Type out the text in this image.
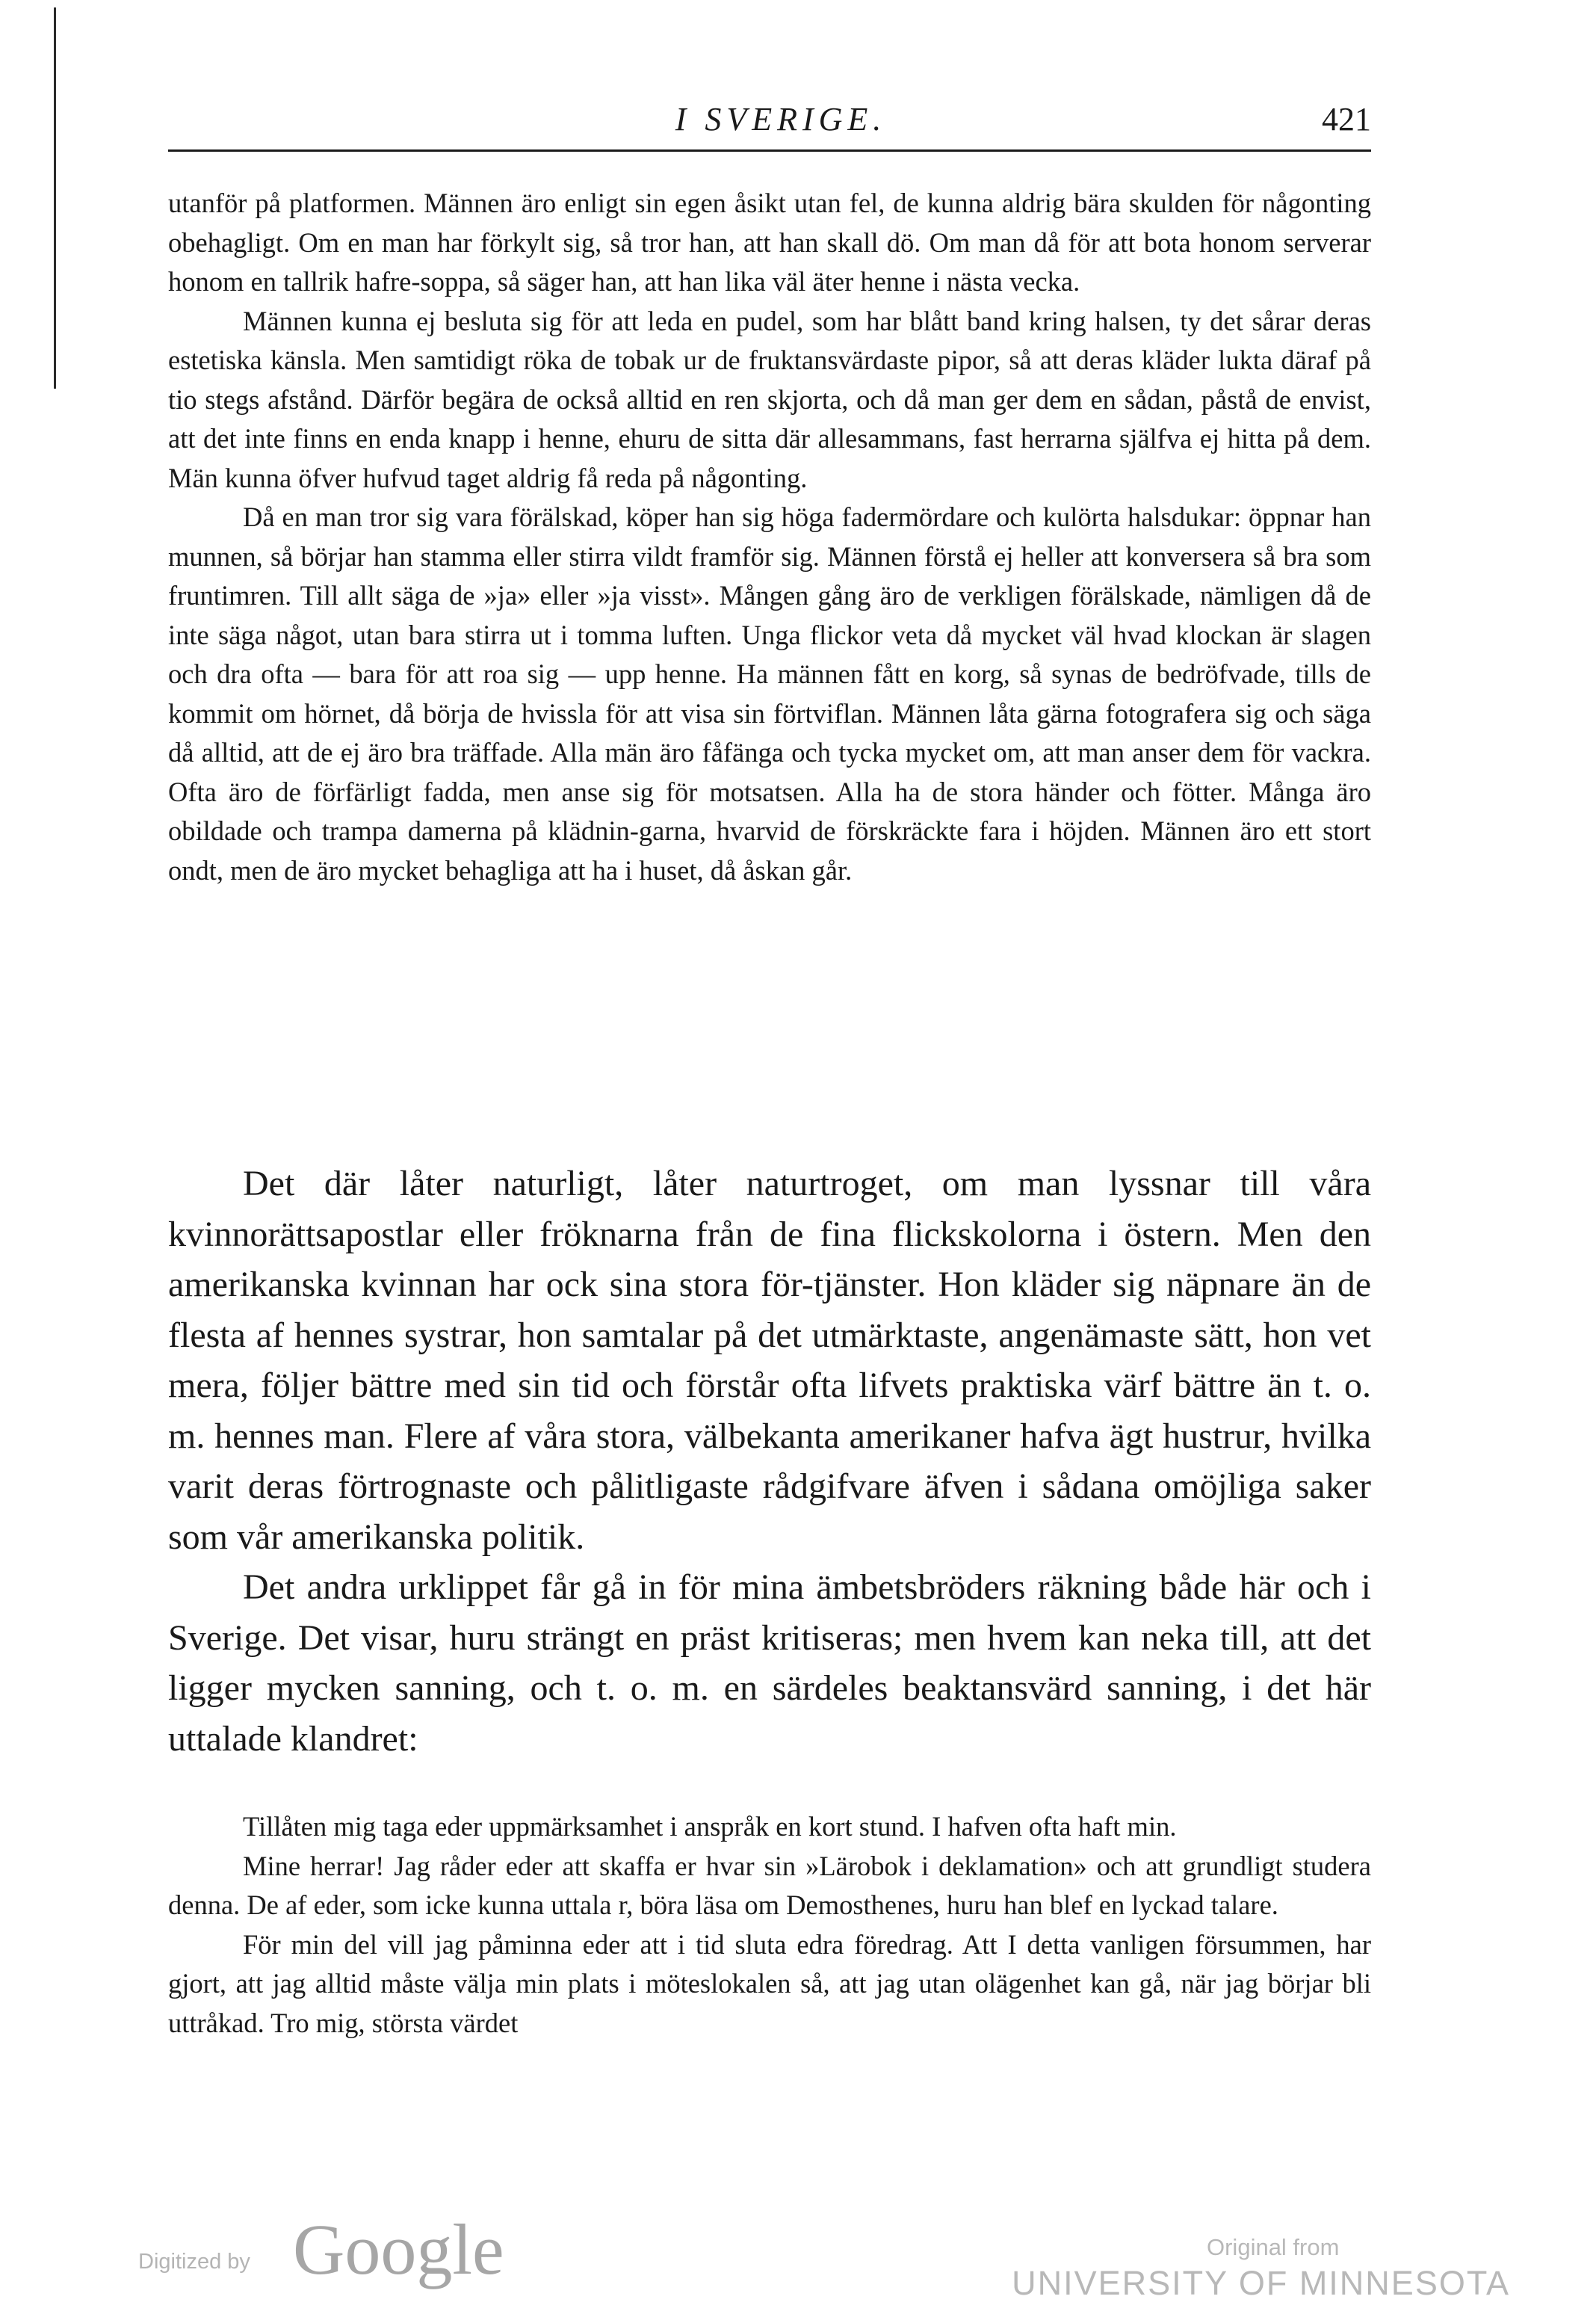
I SVERIGE.	421

utanför på platformen. Männen äro enligt sin egen åsikt utan fel, de kunna aldrig bära skulden för någonting obehagligt. Om en man har förkylt sig, så tror han, att han skall dö. Om man då för att bota honom serverar honom en tallrik hafre-soppa, så säger han, att han lika väl äter henne i nästa vecka.

Männen kunna ej besluta sig för att leda en pudel, som har blått band kring halsen, ty det sårar deras estetiska känsla. Men samtidigt röka de tobak ur de fruktansvärdaste pipor, så att deras kläder lukta däraf på tio stegs afstånd. Därför begära de också alltid en ren skjorta, och då man ger dem en sådan, påstå de envist, att det inte finns en enda knapp i henne, ehuru de sitta där allesammans, fast herrarna själfva ej hitta på dem. Män kunna öfver hufvud taget aldrig få reda på någonting.

Då en man tror sig vara förälskad, köper han sig höga fadermördare och kulörta halsdukar: öppnar han munnen, så börjar han stamma eller stirra vildt framför sig. Männen förstå ej heller att konversera så bra som fruntimren. Till allt säga de »ja» eller »ja visst». Mången gång äro de verkligen förälskade, nämligen då de inte säga något, utan bara stirra ut i tomma luften. Unga flickor veta då mycket väl hvad klockan är slagen och dra ofta — bara för att roa sig — upp henne. Ha männen fått en korg, så synas de bedröfvade, tills de kommit om hörnet, då börja de hvissla för att visa sin förtviflan. Männen låta gärna fotografera sig och säga då alltid, att de ej äro bra träffade. Alla män äro fåfänga och tycka mycket om, att man anser dem för vackra. Ofta äro de förfärligt fadda, men anse sig för motsatsen. Alla ha de stora händer och fötter. Många äro obildade och trampa damerna på klädnin-garna, hvarvid de förskräckte fara i höjden. Männen äro ett stort ondt, men de äro mycket behagliga att ha i huset, då åskan går.

Det där låter naturligt, låter naturtroget, om man lyssnar till våra kvinnorättsapostlar eller fröknarna från de fina flickskolorna i östern. Men den amerikanska kvinnan har ock sina stora för-tjänster. Hon kläder sig näpnare än de flesta af hennes systrar, hon samtalar på det utmärktaste, angenämaste sätt, hon vet mera, följer bättre med sin tid och förstår ofta lifvets praktiska värf bättre än t. o. m. hennes man. Flere af våra stora, välbekanta amerikaner hafva ägt hustrur, hvilka varit deras förtrognaste och pålitligaste rådgifvare äfven i sådana omöjliga saker som vår amerikanska politik.

Det andra urklippet får gå in för mina ämbetsbröders räkning både här och i Sverige. Det visar, huru strängt en präst kritiseras; men hvem kan neka till, att det ligger mycken sanning, och t. o. m. en särdeles beaktansvärd sanning, i det här uttalade klandret:

Tillåten mig taga eder uppmärksamhet i anspråk en kort stund. I hafven ofta haft min.

Mine herrar! Jag råder eder att skaffa er hvar sin »Lärobok i deklamation» och att grundligt studera denna. De af eder, som icke kunna uttala r, böra läsa om Demosthenes, huru han blef en lyckad talare.

För min del vill jag påminna eder att i tid sluta edra föredrag. Att I detta vanligen försummen, har gjort, att jag alltid måste välja min plats i möteslokalen så, att jag utan olägenhet kan gå, när jag börjar bli uttråkad. Tro mig, största värdet

Digitized by Google	Original from
UNIVERSITY OF MINNESOTA
